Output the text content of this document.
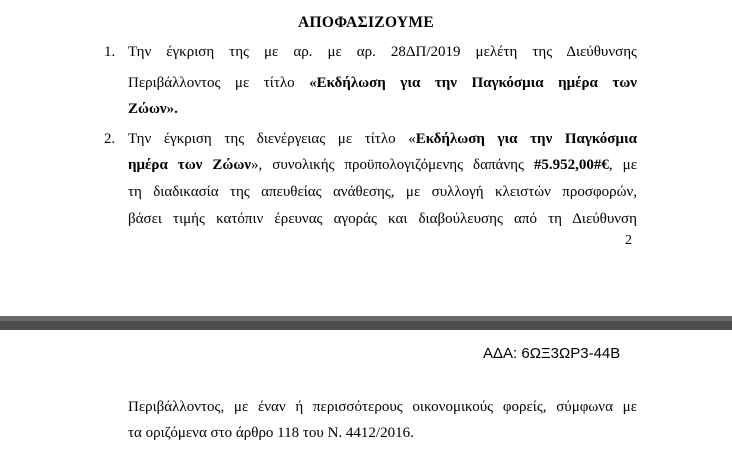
ΑΠΟΦΑΣΙΖΟΥΜΕ
1. Την έγκριση της με αρ. με αρ. 28ΔΠ/2019 μελέτη της Διεύθυνσης
Περιβάλλοντος με τίτλο «Εκδήλωση για την Παγκόσμια ημέρα των
Ζώων».
2. Την έγκριση της διενέργειας με τίτλο «Εκδήλωση για την Παγκόσμια
ημέρα των Ζώων», συνολικής προϋπολογιζόμενης δαπάνης #5.952,00#€, με
τη διαδικασία της απευθείας ανάθεσης, με συλλογή κλειστών προσφορών,
βάσει τιμής κατόπιν έρευνας αγοράς και διαβούλευσης από τη Διεύθυνση
2
ΑΔΑ: 6ΩΞ3ΩΡ3-44Β
Περιβάλλοντος, με έναν ή περισσότερους οικονομικούς φορείς, σύμφωνα με
τα οριζόμενα στο άρθρο 118 του Ν. 4412/2016.
